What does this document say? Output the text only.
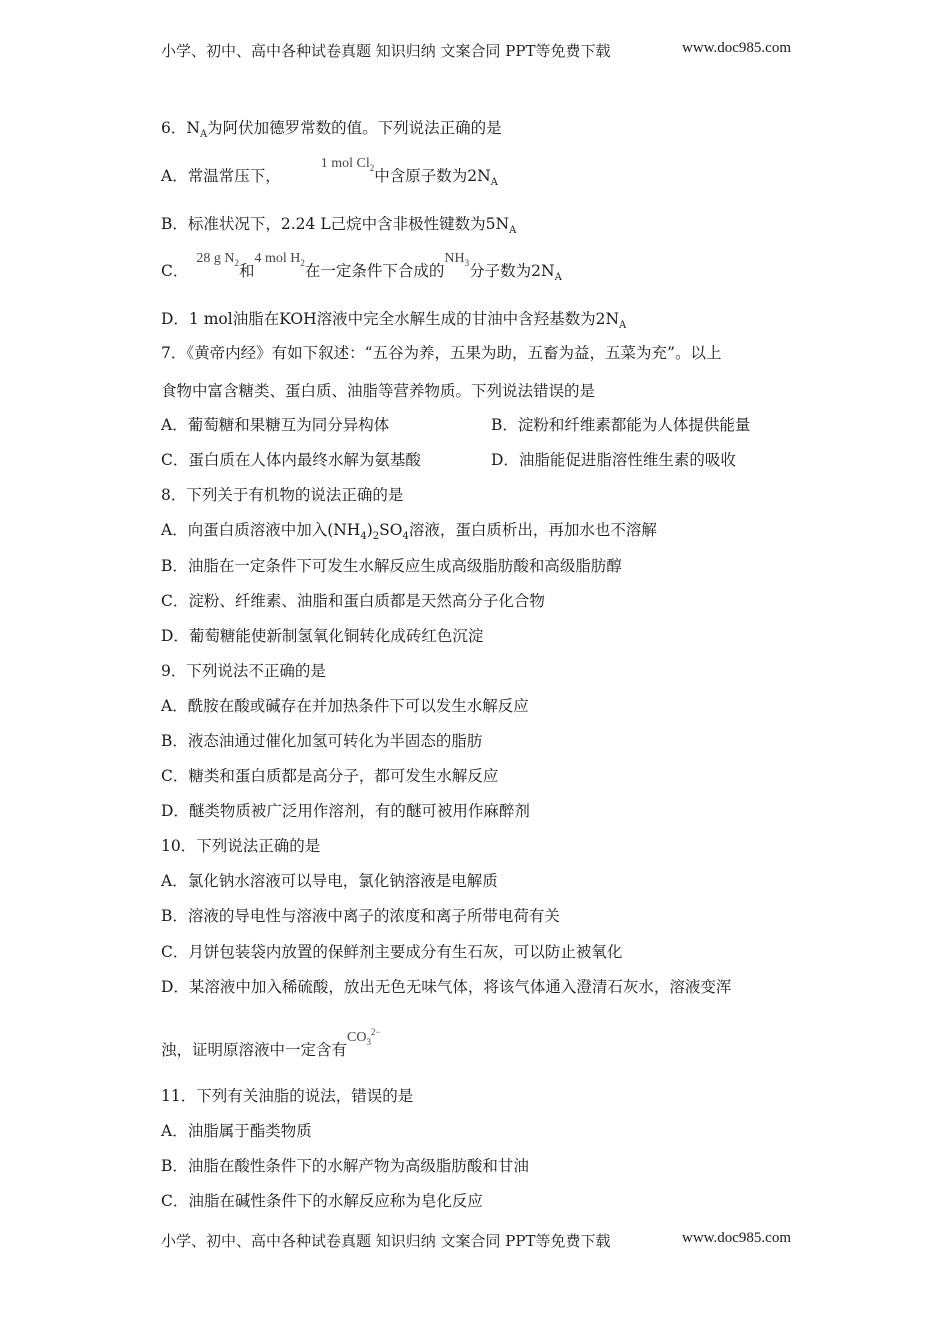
小学、初中、高中各种试卷真题 知识归纳 文案合同 PPT等免费下载	www.doc985.com
6．$N_A$为阿伏加德罗常数的值。下列说法正确的是
A．常温常压下，1 mol $Cl_2$中含原子数为$2N_A$
B．标准状况下，2.24 L己烷中含非极性键数为$5N_A$
C．28 g $N_2$和4 mol $H_2$在一定条件下合成的$NH_3$分子数为$2N_A$
D．1 mol油脂在KOH溶液中完全水解生成的甘油中含羟基数为$2N_A$
7．《黄帝内经》有如下叙述：“五谷为养，五果为助，五畜为益，五菜为充”。以上
食物中富含糖类、蛋白质、油脂等营养物质。下列说法错误的是
A．葡萄糖和果糖互为同分异构体	B．淀粉和纤维素都能为人体提供能量
C．蛋白质在人体内最终水解为氨基酸	D．油脂能促进脂溶性维生素的吸收
8．下列关于有机物的说法正确的是
A．向蛋白质溶液中加入$(NH_4)_2SO_4$溶液，蛋白质析出，再加水也不溶解
B．油脂在一定条件下可发生水解反应生成高级脂肪酸和高级脂肪醇
C．淀粉、纤维素、油脂和蛋白质都是天然高分子化合物
D．葡萄糖能使新制氢氧化铜转化成砖红色沉淀
9．下列说法不正确的是
A．酰胺在酸或碱存在并加热条件下可以发生水解反应
B．液态油通过催化加氢可转化为半固态的脂肪
C．糖类和蛋白质都是高分子，都可发生水解反应
D．醚类物质被广泛用作溶剂，有的醚可被用作麻醉剂
10．下列说法正确的是
A．氯化钠水溶液可以导电，氯化钠溶液是电解质
B．溶液的导电性与溶液中离子的浓度和离子所带电荷有关
C．月饼包装袋内放置的保鲜剂主要成分有生石灰，可以防止被氧化
D．某溶液中加入稀硫酸，放出无色无味气体，将该气体通入澄清石灰水，溶液变浑
浊，证明原溶液中一定含有$CO_3^{2-}$
11．下列有关油脂的说法，错误的是
A．油脂属于酯类物质
B．油脂在酸性条件下的水解产物为高级脂肪酸和甘油
C．油脂在碱性条件下的水解反应称为皂化反应
小学、初中、高中各种试卷真题 知识归纳 文案合同 PPT等免费下载	www.doc985.com
